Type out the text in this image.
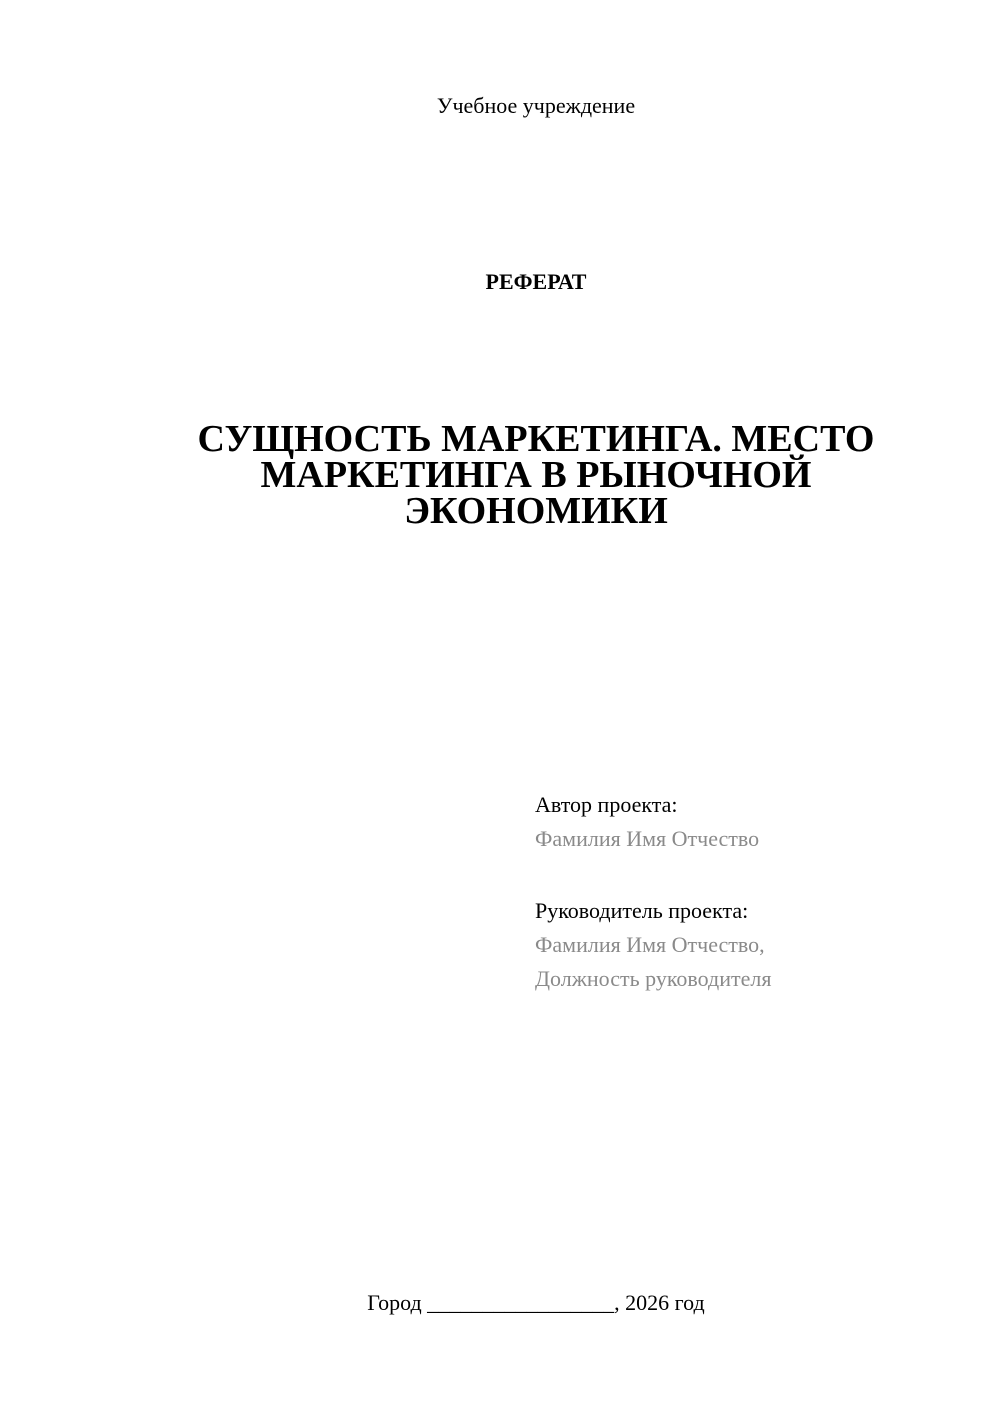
Учебное учреждение
РЕФЕРАТ
СУЩНОСТЬ МАРКЕТИНГА. МЕСТО
МАРКЕТИНГА В РЫНОЧНОЙ
ЭКОНОМИКИ
Автор проекта:
Фамилия Имя Отчество
Руководитель проекта:
Фамилия Имя Отчество,
Должность руководителя
Город _________________, 2026 год
